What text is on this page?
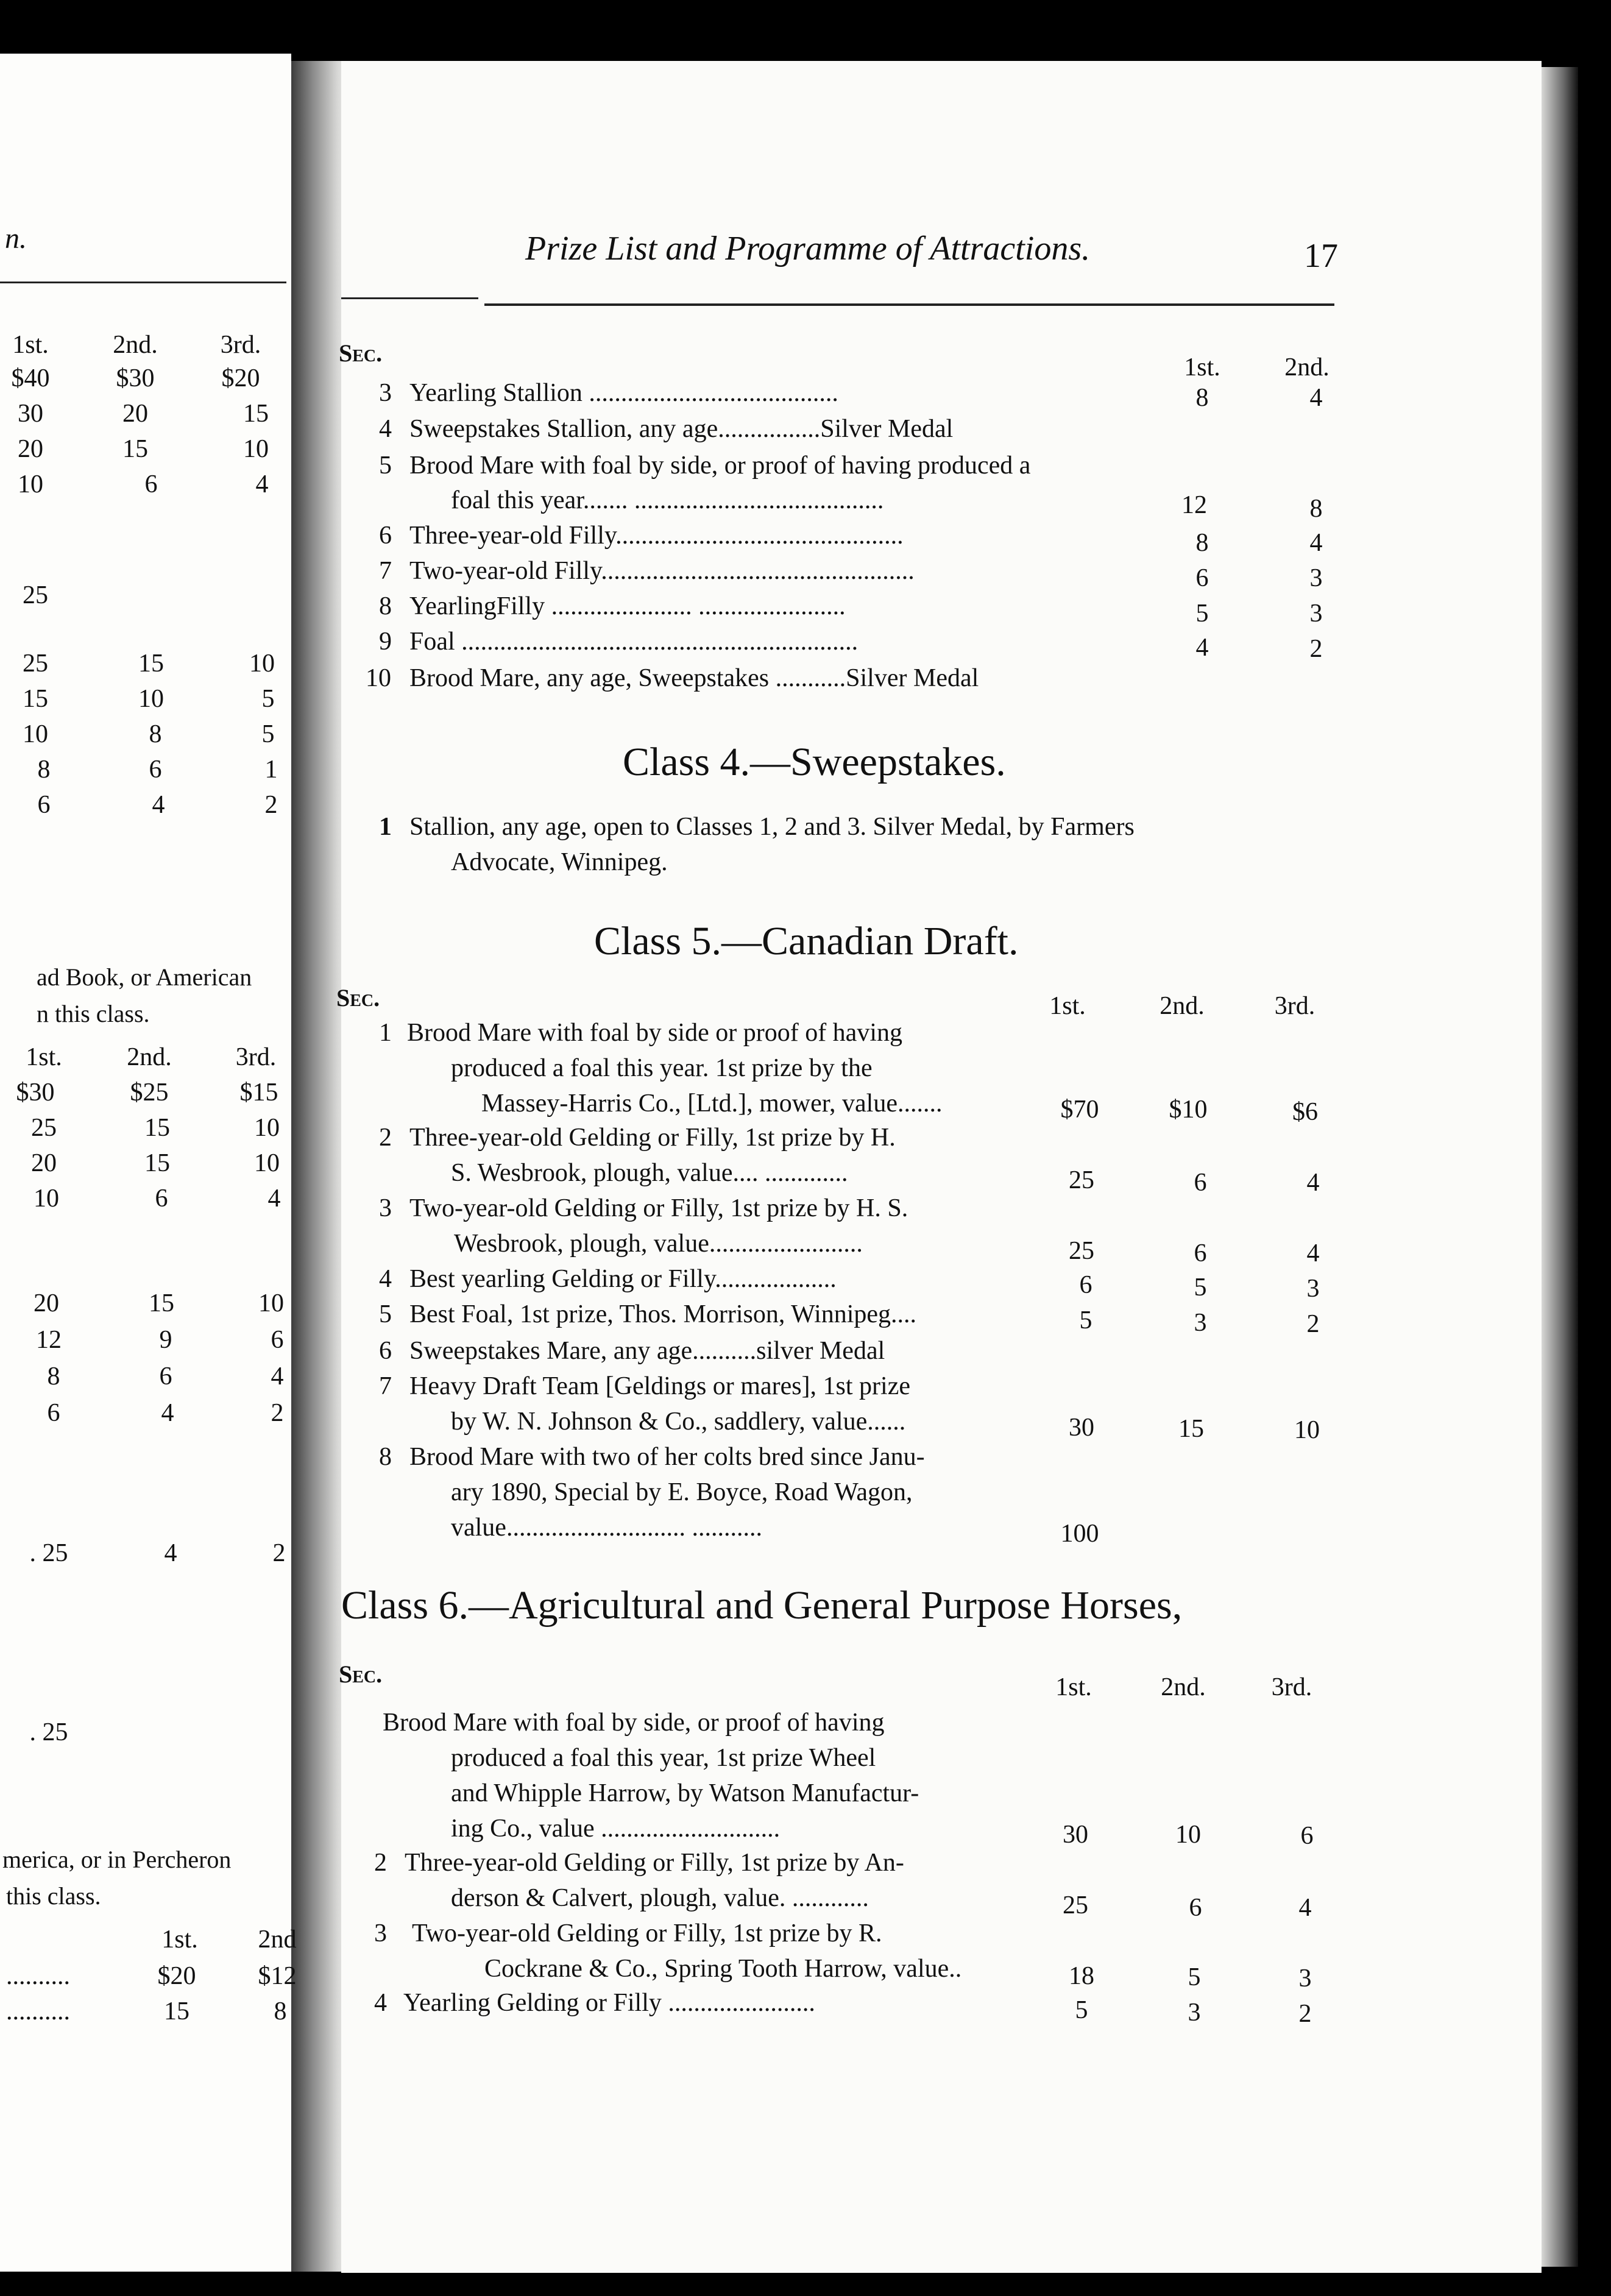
n.
1st.	2nd.	3rd.
$40	$30	$20
30	20	15
20	15	10
10	6	4
25
25	15	10
15	10	5
10	8	5
8	6	1
6	4	2
ad Book, or American
n this class.
1st.	2nd.	3rd.
$30	$25	$15
25	15	10
20	15	10
10	6	4
20	15	10
12	9	6
8	6	4
6	4	2
. 25	4	2
. 25
merica, or in Percheron
this class.
1st.	2nd
..........	$20	$12
..........	15	8
Prize List and Programme of Attractions.	17
Sec.
1st.	2nd.
3 Yearling Stallion .......................................	8	4
4 Sweepstakes Stallion, any age................Silver Medal
5 Brood Mare with foal by side, or proof of having produced a
foal this year....... .......................................	12	8
6 Three-year-old Filly.............................................	8	4
7 Two-year-old Filly.................................................	6	3
8 YearlingFilly ...................... .......................	5	3
9 Foal ..............................................................	4	2
10 Brood Mare, any age, Sweepstakes ...........Silver Medal
Class 4.—Sweepstakes.
1 Stallion, any age, open to Classes 1, 2 and 3. Silver Medal, by Farmers
Advocate, Winnipeg.
Class 5.—Canadian Draft.
Sec.	1st.	2nd.	3rd.
1 Brood Mare with foal by side or proof of having
produced a foal this year. 1st prize by the
Massey-Harris Co., [Ltd.], mower, value.......	$70	$10	$6
2 Three-year-old Gelding or Filly, 1st prize by H.
S. Wesbrook, plough, value.... .............	25	6	4
3 Two-year-old Gelding or Filly, 1st prize by H. S.
Wesbrook, plough, value........................	25	6	4
4 Best yearling Gelding or Filly...................	6	5	3
5 Best Foal, 1st prize, Thos. Morrison, Winnipeg....	5	3	2
6 Sweepstakes Mare, any age..........silver Medal
7 Heavy Draft Team [Geldings or mares], 1st prize
by W. N. Johnson & Co., saddlery, value......	30	15	10
8 Brood Mare with two of her colts bred since Janu-
ary 1890, Special by E. Boyce, Road Wagon,
value............................ ...........	100
Class 6.—Agricultural and General Purpose Horses,
Sec.	1st.	2nd.	3rd.
Brood Mare with foal by side, or proof of having
produced a foal this year, 1st prize Wheel
and Whipple Harrow, by Watson Manufactur-
ing Co., value ............................	30	10	6
2 Three-year-old Gelding or Filly, 1st prize by An-
derson & Calvert, plough, value. ............	25	6	4
3 Two-year-old Gelding or Filly, 1st prize by R.
Cockrane & Co., Spring Tooth Harrow, value..	18	5	3
4 Yearling Gelding or Filly .......................	5	3	2
